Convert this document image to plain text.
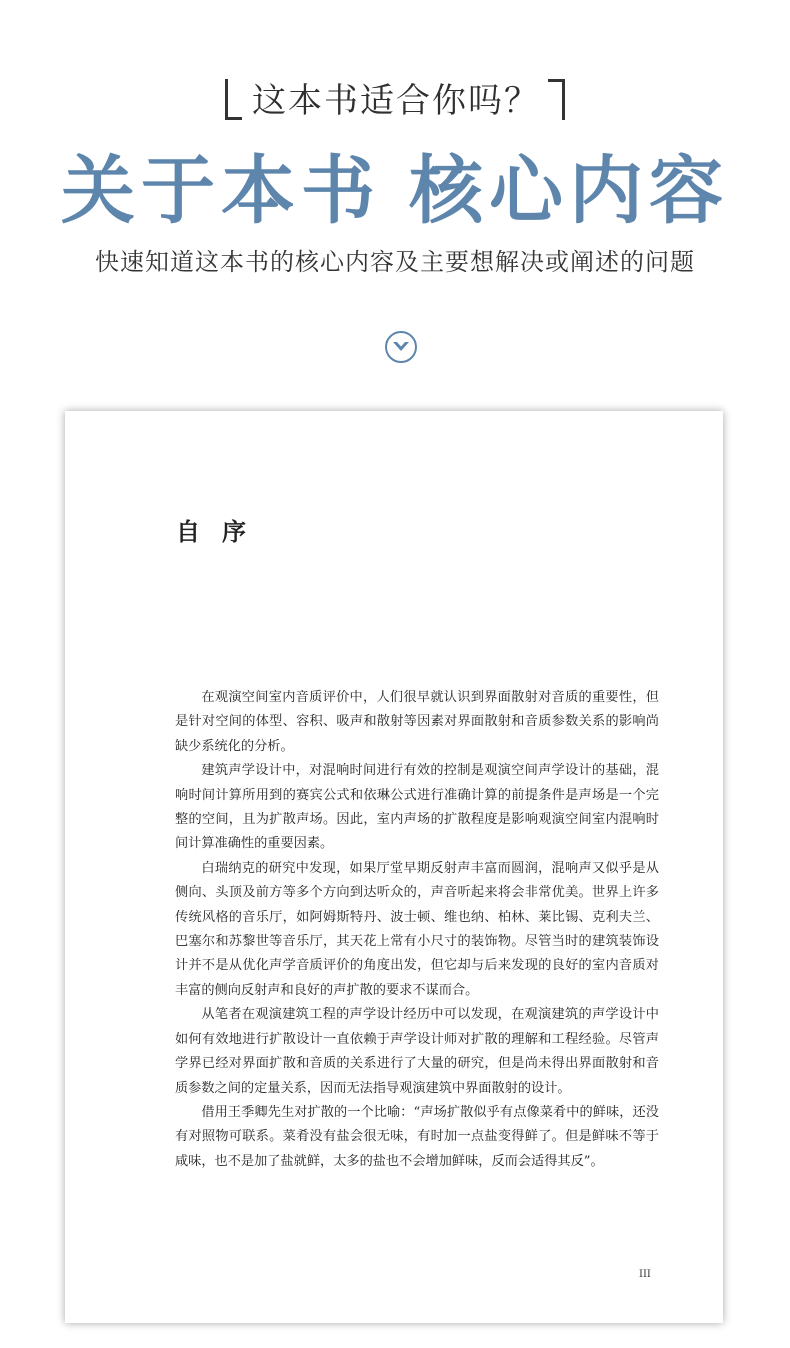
这本书适合你吗？
关于本书 核心内容
快速知道这本书的核心内容及主要想解决或阐述的问题
自序

在观演空间室内音质评价中，人们很早就认识到界面散射对音质的重要性，但是针对空间的体型、容积、吸声和散射等因素对界面散射和音质参数关系的影响尚缺少系统化的分析。

建筑声学设计中，对混响时间进行有效的控制是观演空间声学设计的基础，混响时间计算所用到的赛宾公式和依琳公式进行准确计算的前提条件是声场是一个完整的空间，且为扩散声场。因此，室内声场的扩散程度是影响观演空间室内混响时间计算准确性的重要因素。

白瑞纳克的研究中发现，如果厅堂早期反射声丰富而圆润，混响声又似乎是从侧向、头顶及前方等多个方向到达听众的，声音听起来将会非常优美。世界上许多传统风格的音乐厅，如阿姆斯特丹、波士顿、维也纳、柏林、莱比锡、克利夫兰、巴塞尔和苏黎世等音乐厅，其天花上常有小尺寸的装饰物。尽管当时的建筑装饰设计并不是从优化声学音质评价的角度出发，但它却与后来发现的良好的室内音质对丰富的侧向反射声和良好的声扩散的要求不谋而合。

从笔者在观演建筑工程的声学设计经历中可以发现，在观演建筑的声学设计中如何有效地进行扩散设计一直依赖于声学设计师对扩散的理解和工程经验。尽管声学界已经对界面扩散和音质的关系进行了大量的研究，但是尚未得出界面散射和音质参数之间的定量关系，因而无法指导观演建筑中界面散射的设计。

借用王季卿先生对扩散的一个比喻：“声场扩散似乎有点像菜肴中的鲜味，还没有对照物可联系。菜肴没有盐会很无味，有时加一点盐变得鲜了。但是鲜味不等于咸味，也不是加了盐就鲜，太多的盐也不会增加鲜味，反而会适得其反”。

III
